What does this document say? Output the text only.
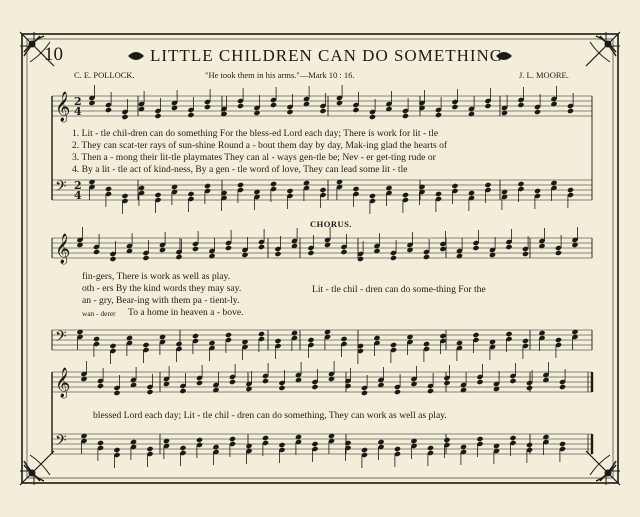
𝄞 2
4
𝄢 2
4
𝄞
𝄢
𝄞
𝄢
10	LITTLE CHILDREN CAN DO SOMETHING
C. E. POLLOCK.	"He took them in his arms."—Mark 10 : 16.	J. L. MOORE.
1. Lit - tle chil-dren can do something For the bless-ed Lord each day; There is work for lit - tle
2. They can scat-ter rays of sun-shine Round a - bout them day by day, Mak-ing glad the hearts of
3. Then a - mong their lit-tle playmates They can al - ways gen-tle be; Nev - er get-ting rude or
4. By a lit - tle act of kind-ness, By a gen - tle word of love, They can lead some lit - tle
CHORUS.
fin-gers, There is work as well as play.
oth - ers By the kind words they may say.
an - gry, Bear-ing with them pa - tient-ly.
wan - derer To a home in heaven a - bove.
Lit - tle chil - dren can do some-thing For the
blessed Lord each day; Lit - tle chil - dren can do something, They can work as well as play.
